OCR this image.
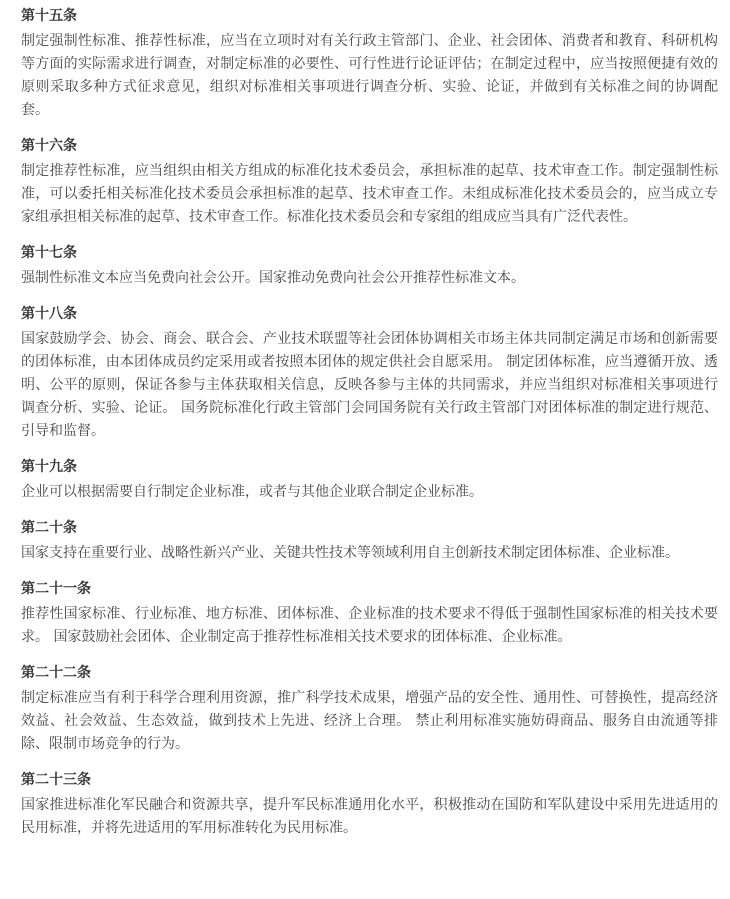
第十五条

制定强制性标准、推荐性标准，应当在立项时对有关行政主管部门、企业、社会团体、消费者和教育、科研机构等方面的实际需求进行调查，对制定标准的必要性、可行性进行论证评估；在制定过程中，应当按照便捷有效的原则采取多种方式征求意见，组织对标准相关事项进行调查分析、实验、论证，并做到有关标准之间的协调配套。

第十六条

制定推荐性标准，应当组织由相关方组成的标准化技术委员会，承担标准的起草、技术审查工作。制定强制性标准，可以委托相关标准化技术委员会承担标准的起草、技术审查工作。未组成标准化技术委员会的，应当成立专家组承担相关标准的起草、技术审查工作。标准化技术委员会和专家组的组成应当具有广泛代表性。

第十七条

强制性标准文本应当免费向社会公开。国家推动免费向社会公开推荐性标准文本。

第十八条

国家鼓励学会、协会、商会、联合会、产业技术联盟等社会团体协调相关市场主体共同制定满足市场和创新需要的团体标准，由本团体成员约定采用或者按照本团体的规定供社会自愿采用。 制定团体标准，应当遵循开放、透明、公平的原则，保证各参与主体获取相关信息，反映各参与主体的共同需求，并应当组织对标准相关事项进行调查分析、实验、论证。 国务院标准化行政主管部门会同国务院有关行政主管部门对团体标准的制定进行规范、引导和监督。

第十九条

企业可以根据需要自行制定企业标准，或者与其他企业联合制定企业标准。

第二十条

国家支持在重要行业、战略性新兴产业、关键共性技术等领域利用自主创新技术制定团体标准、企业标准。

第二十一条

推荐性国家标准、行业标准、地方标准、团体标准、企业标准的技术要求不得低于强制性国家标准的相关技术要求。 国家鼓励社会团体、企业制定高于推荐性标准相关技术要求的团体标准、企业标准。

第二十二条

制定标准应当有利于科学合理利用资源，推广科学技术成果，增强产品的安全性、通用性、可替换性，提高经济效益、社会效益、生态效益，做到技术上先进、经济上合理。 禁止利用标准实施妨碍商品、服务自由流通等排除、限制市场竞争的行为。

第二十三条

国家推进标准化军民融合和资源共享，提升军民标准通用化水平，积极推动在国防和军队建设中采用先进适用的民用标准，并将先进适用的军用标准转化为民用标准。
